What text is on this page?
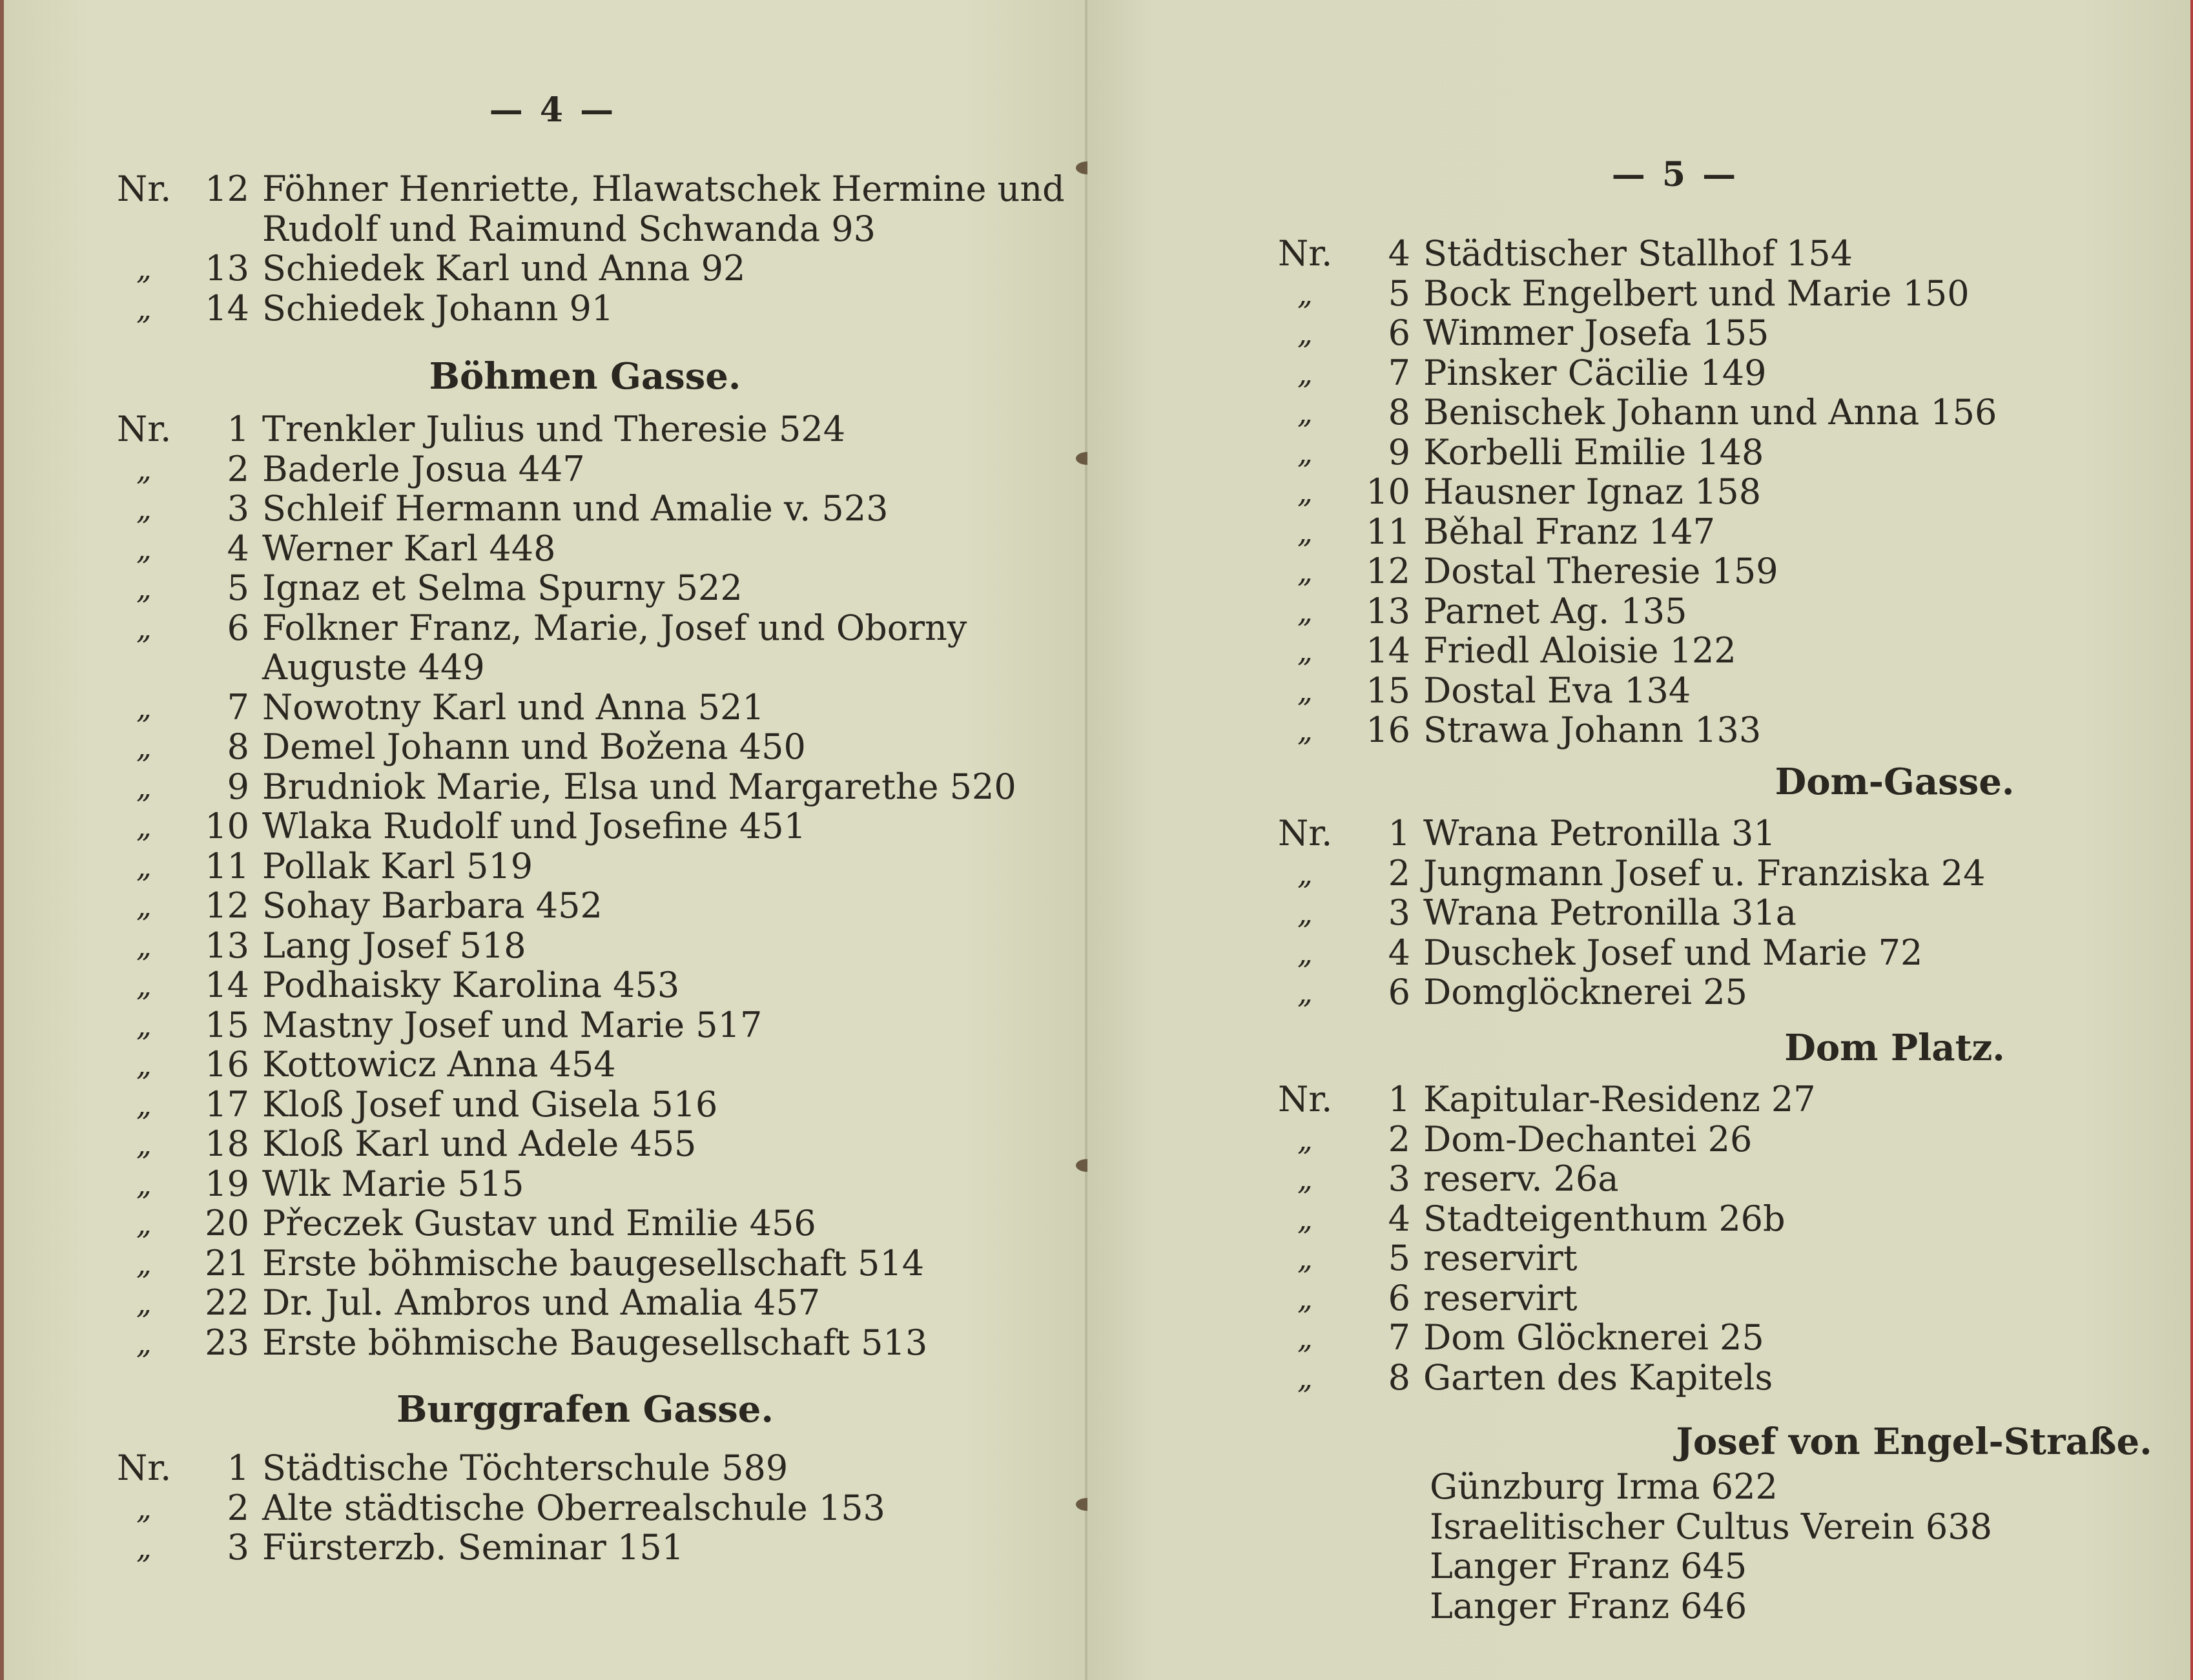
— 4 —
Nr. 12 Föhner Henriette, Hlawatschek Hermine und
Rudolf und Raimund Schwanda 93
„	13 Schiedek Karl und Anna 92
„	14 Schiedek Johann 91
Böhmen Gasse.
Nr.	1 Trenkler Julius und Theresie 524
„	2 Baderle Josua 447
„	3 Schleif Hermann und Amalie v. 523
„	4 Werner Karl 448
„	5 Ignaz et Selma Spurny 522
„	6 Folkner Franz, Marie, Josef und Oborny
Auguste 449
„	7 Nowotny Karl und Anna 521
„	8 Demel Johann und Božena 450
„	9 Brudniok Marie, Elsa und Margarethe 520
„	10 Wlaka Rudolf und Josefine 451
„	11 Pollak Karl 519
„	12 Sohay Barbara 452
„	13 Lang Josef 518
„	14 Podhaisky Karolina 453
„	15 Mastny Josef und Marie 517
„	16 Kottowicz Anna 454
„	17 Kloß Josef und Gisela 516
„	18 Kloß Karl und Adele 455
„	19 Wlk Marie 515
„	20 Přeczek Gustav und Emilie 456
„	21 Erste böhmische baugesellschaft 514
„	22 Dr. Jul. Ambros und Amalia 457
„	23 Erste böhmische Baugesellschaft 513
Burggrafen Gasse.
Nr.	1 Städtische Töchterschule 589
„	2 Alte städtische Oberrealschule 153
„	3 Fürsterzb. Seminar 151
— 5 —
Nr.	4 Städtischer Stallhof 154
„	5 Bock Engelbert und Marie 150
„	6 Wimmer Josefa 155
„	7 Pinsker Cäcilie 149
„	8 Benischek Johann und Anna 156
„	9 Korbelli Emilie 148
„	10 Hausner Ignaz 158
„	11 Běhal Franz 147
„	12 Dostal Theresie 159
„	13 Parnet Ag. 135
„	14 Friedl Aloisie 122
„	15 Dostal Eva 134
„	16 Strawa Johann 133
Dom-Gasse.
Nr.	1 Wrana Petronilla 31
„	2 Jungmann Josef u. Franziska 24
„	3 Wrana Petronilla 31a
„	4 Duschek Josef und Marie 72
„	6 Domglöcknerei 25
Dom Platz.
Nr.	1 Kapitular-Residenz 27
„	2 Dom-Dechantei 26
„	3 reserv. 26a
„	4 Stadteigenthum 26b
„	5 reservirt
„	6 reservirt
„	7 Dom Glöcknerei 25
„	8 Garten des Kapitels
Josef von Engel-Straße.
Günzburg Irma 622
Israelitischer Cultus Verein 638
Langer Franz 645
Langer Franz 646
